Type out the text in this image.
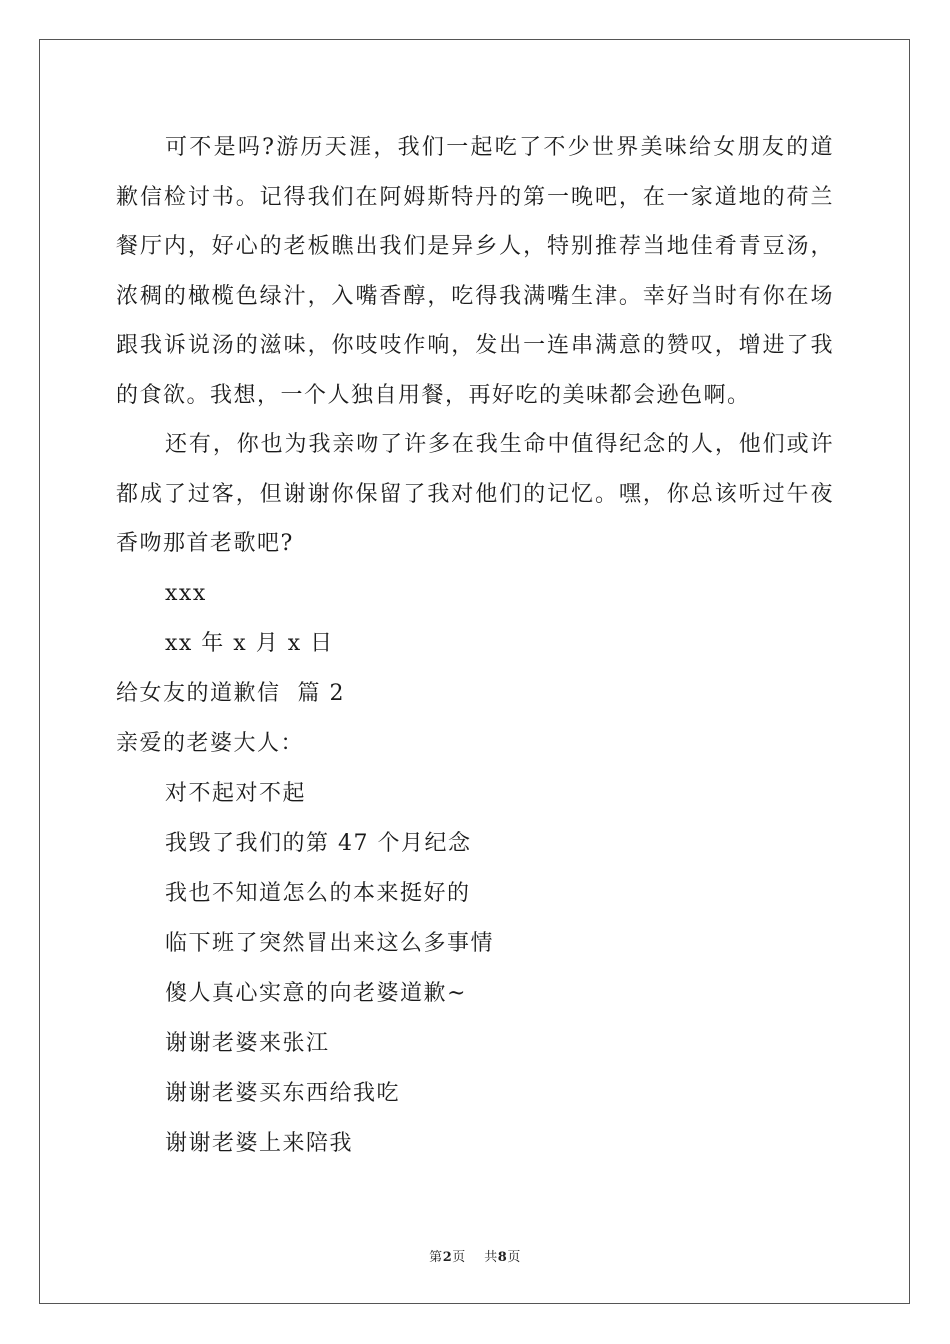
可不是吗?游历天涯，我们一起吃了不少世界美味给女朋友的道歉信检讨书。记得我们在阿姆斯特丹的第一晚吧，在一家道地的荷兰餐厅内，好心的老板瞧出我们是异乡人，特别推荐当地佳肴青豆汤，浓稠的橄榄色绿汁，入嘴香醇，吃得我满嘴生津。幸好当时有你在场跟我诉说汤的滋味，你吱吱作响，发出一连串满意的赞叹，增进了我的食欲。我想，一个人独自用餐，再好吃的美味都会逊色啊。

还有，你也为我亲吻了许多在我生命中值得纪念的人，他们或许都成了过客，但谢谢你保留了我对他们的记忆。嘿，你总该听过午夜香吻那首老歌吧?

xxx

xx 年 x 月 x 日

给女友的道歉信  篇 2

亲爱的老婆大人：

对不起对不起

我毁了我们的第 47 个月纪念

我也不知道怎么的本来挺好的

临下班了突然冒出来这么多事情

傻人真心实意的向老婆道歉~

谢谢老婆来张江

谢谢老婆买东西给我吃

谢谢老婆上来陪我

第2页    共8页
